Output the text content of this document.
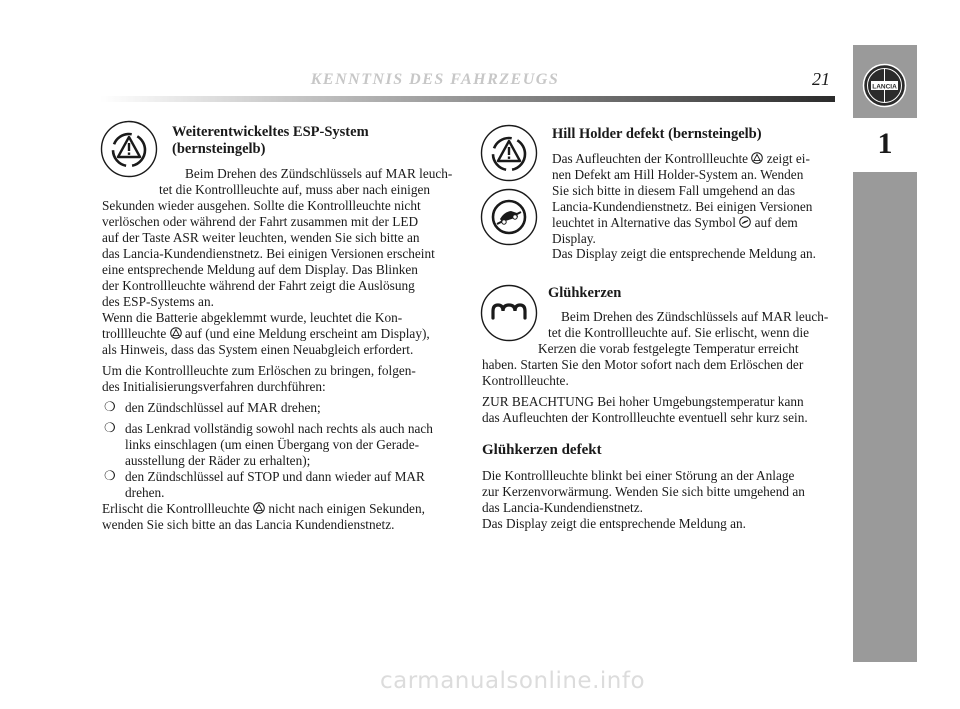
KENNTNIS DES FAHRZEUGS	21
1
LANCIA
Weiterentwickeltes ESP-System
(bernsteingelb)
Beim Drehen des Zündschlüssels auf MAR leuch-
tet die Kontrollleuchte auf, muss aber nach einigen
Sekunden wieder ausgehen. Sollte die Kontrollleuchte nicht
verlöschen oder während der Fahrt zusammen mit der LED
auf der Taste ASR weiter leuchten, wenden Sie sich bitte an
das Lancia-Kundendienstnetz. Bei einigen Versionen erscheint
eine entsprechende Meldung auf dem Display. Das Blinken
der Kontrollleuchte während der Fahrt zeigt die Auslösung
des ESP-Systems an.
Wenn die Batterie abgeklemmt wurde, leuchtet die Kon-
trolllleuchte auf (und eine Meldung erscheint am Display),
als Hinweis, dass das System einen Neuabgleich erfordert.
Um die Kontrollleuchte zum Erlöschen zu bringen, folgen-
des Initialisierungsverfahren durchführen:
❍ den Zündschlüssel auf MAR drehen;
❍ das Lenkrad vollständig sowohl nach rechts als auch nach
links einschlagen (um einen Übergang von der Gerade-
ausstellung der Räder zu erhalten);
❍ den Zündschlüssel auf STOP und dann wieder auf MAR
drehen.
Erlischt die Kontrollleuchte nicht nach einigen Sekunden,
wenden Sie sich bitte an das Lancia Kundendienstnetz.
Hill Holder defekt (bernsteingelb)
Das Aufleuchten der Kontrollleuchte zeigt ei-
nen Defekt am Hill Holder-System an. Wenden
Sie sich bitte in diesem Fall umgehend an das
Lancia-Kundendienstnetz. Bei einigen Versionen
leuchtet in Alternative das Symbol auf dem
Display.
Das Display zeigt die entsprechende Meldung an.
Glühkerzen
Beim Drehen des Zündschlüssels auf MAR leuch-
tet die Kontrollleuchte auf. Sie erlischt, wenn die
Kerzen die vorab festgelegte Temperatur erreicht
haben. Starten Sie den Motor sofort nach dem Erlöschen der
Kontrollleuchte.
ZUR BEACHTUNG Bei hoher Umgebungstemperatur kann
das Aufleuchten der Kontrollleuchte eventuell sehr kurz sein.
Glühkerzen defekt
Die Kontrollleuchte blinkt bei einer Störung an der Anlage
zur Kerzenvorwärmung. Wenden Sie sich bitte umgehend an
das Lancia-Kundendienstnetz.
Das Display zeigt die entsprechende Meldung an.
carmanualsonline.info
